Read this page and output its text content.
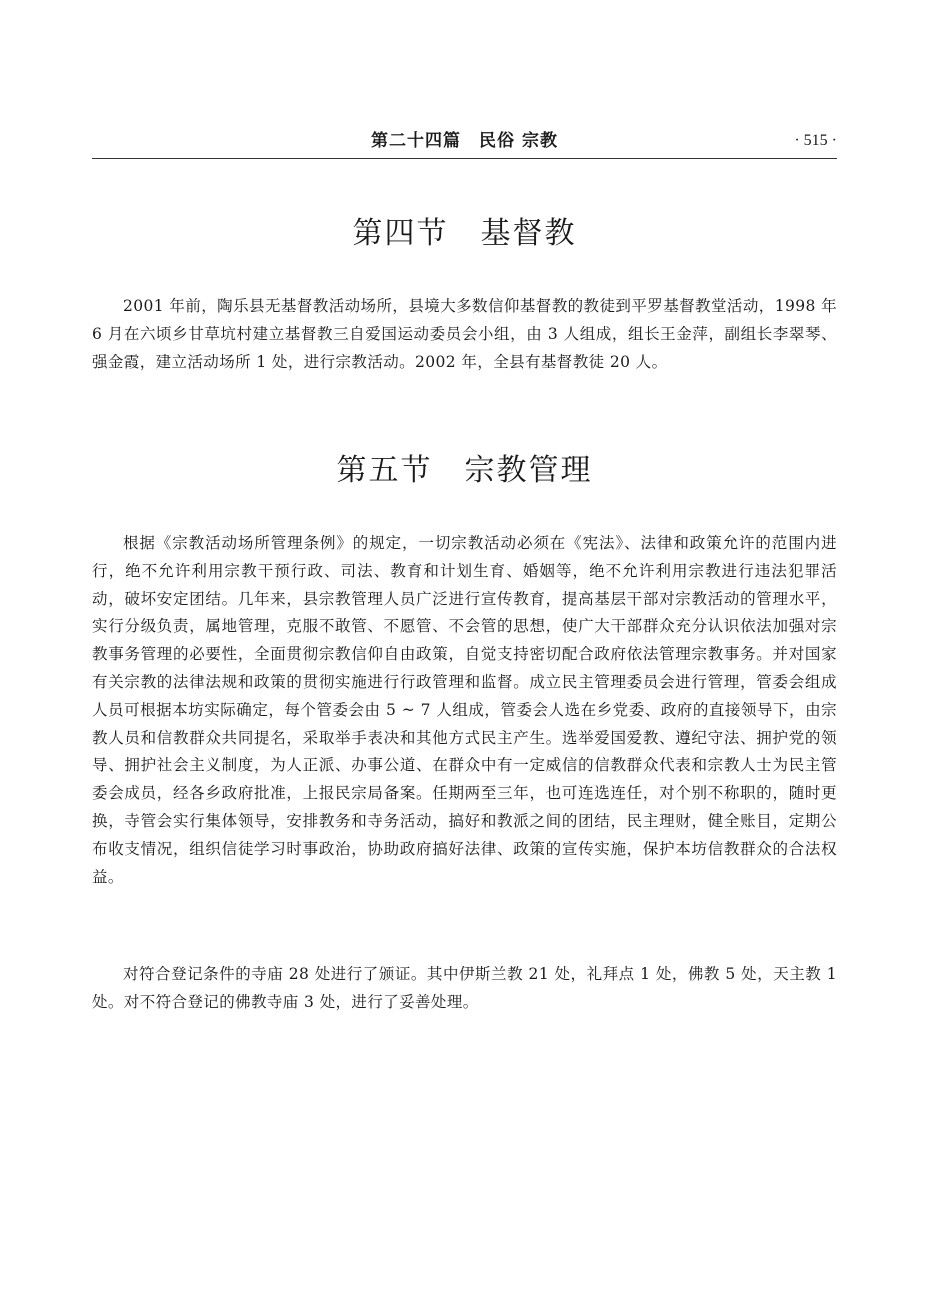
第二十四篇　民俗 宗教	· 515 ·
第四节　基督教

2001 年前，陶乐县无基督教活动场所，县境大多数信仰基督教的教徒到平罗基督教堂活动，1998 年 6 月在六顷乡甘草坑村建立基督教三自爱国运动委员会小组，由 3 人组成，组长王金萍，副组长李翠琴、强金霞，建立活动场所 1 处，进行宗教活动。2002 年，全县有基督教徒 20 人。

第五节　宗教管理

根据《宗教活动场所管理条例》的规定，一切宗教活动必须在《宪法》、法律和政策允许的范围内进行，绝不允许利用宗教干预行政、司法、教育和计划生育、婚姻等，绝不允许利用宗教进行违法犯罪活动，破坏安定团结。几年来，县宗教管理人员广泛进行宣传教育，提高基层干部对宗教活动的管理水平，实行分级负责，属地管理，克服不敢管、不愿管、不会管的思想，使广大干部群众充分认识依法加强对宗教事务管理的必要性，全面贯彻宗教信仰自由政策，自觉支持密切配合政府依法管理宗教事务。并对国家有关宗教的法律法规和政策的贯彻实施进行行政管理和监督。成立民主管理委员会进行管理，管委会组成人员可根据本坊实际确定，每个管委会由 5 ~ 7 人组成，管委会人选在乡党委、政府的直接领导下，由宗教人员和信教群众共同提名，采取举手表决和其他方式民主产生。选举爱国爱教、遵纪守法、拥护党的领导、拥护社会主义制度，为人正派、办事公道、在群众中有一定威信的信教群众代表和宗教人士为民主管委会成员，经各乡政府批准，上报民宗局备案。任期两至三年，也可连选连任，对个别不称职的，随时更换，寺管会实行集体领导，安排教务和寺务活动，搞好和教派之间的团结，民主理财，健全账目，定期公布收支情况，组织信徒学习时事政治，协助政府搞好法律、政策的宣传实施，保护本坊信教群众的合法权益。

对符合登记条件的寺庙 28 处进行了颁证。其中伊斯兰教 21 处，礼拜点 1 处，佛教 5 处，天主教 1 处。对不符合登记的佛教寺庙 3 处，进行了妥善处理。
